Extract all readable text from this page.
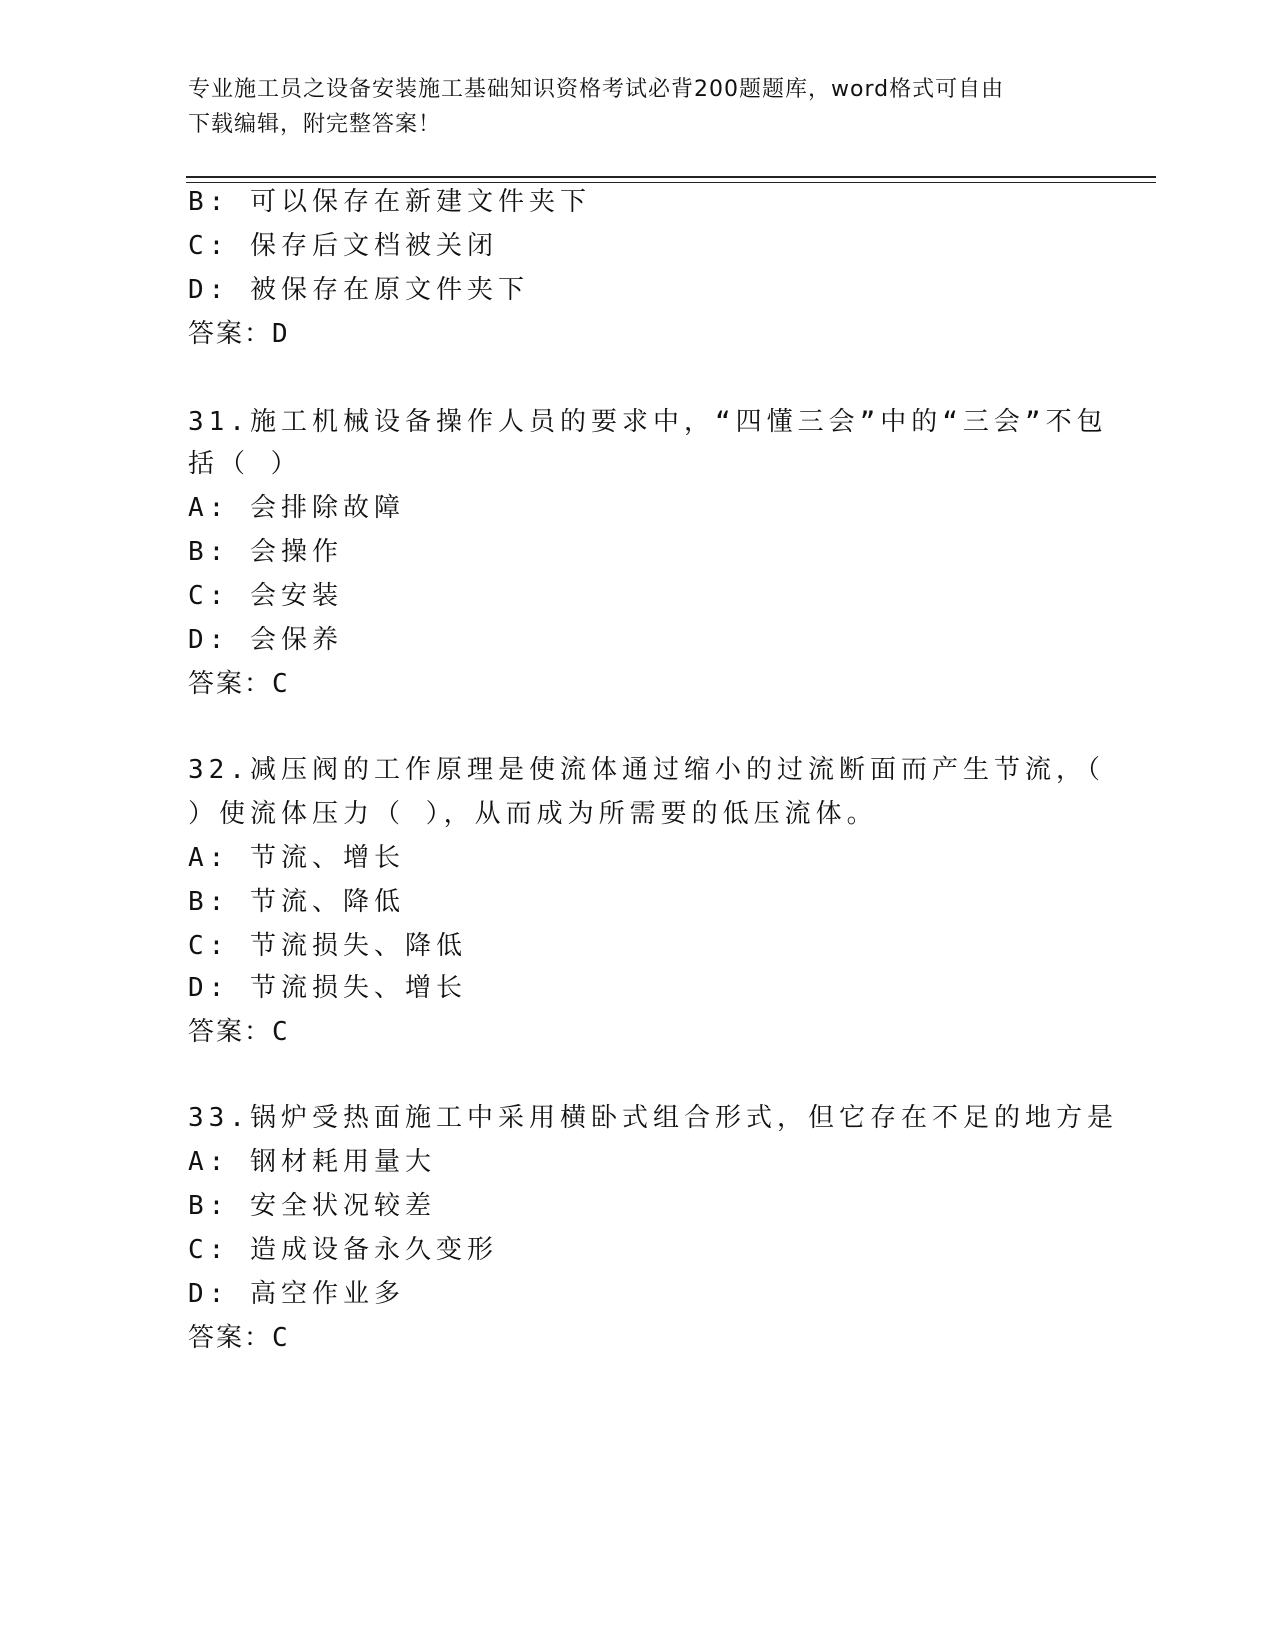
专业施工员之设备安装施工基础知识资格考试必背200题题库，word格式可自由
下载编辑，附完整答案！
B: 可以保存在新建文件夹下
C: 保存后文档被关闭
D: 被保存在原文件夹下
答案：D
31.施工机械设备操作人员的要求中，“四懂三会”中的“三会”不包
括（ ）
A: 会排除故障
B: 会操作
C: 会安装
D: 会保养
答案：C
32.减压阀的工作原理是使流体通过缩小的过流断面而产生节流，（
）使流体压力（ ），从而成为所需要的低压流体。
A: 节流、增长
B: 节流、降低
C: 节流损失、降低
D: 节流损失、增长
答案：C
33.锅炉受热面施工中采用横卧式组合形式，但它存在不足的地方是
A: 钢材耗用量大
B: 安全状况较差
C: 造成设备永久变形
D: 高空作业多
答案：C
